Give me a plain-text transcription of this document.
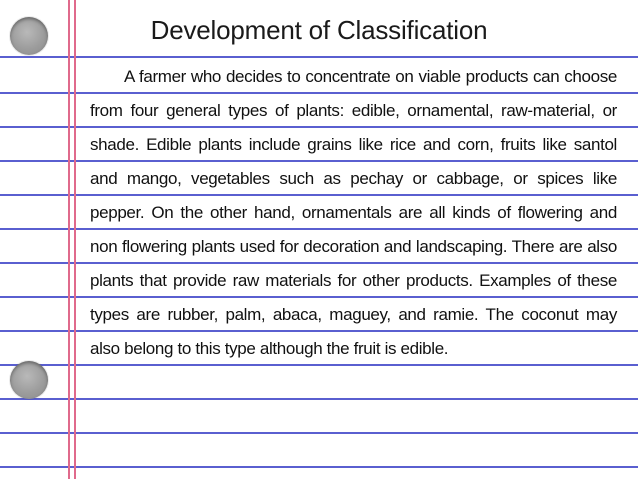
Development of Classification

A farmer who decides to concentrate on viable products can choose from four general types of plants: edible, ornamental, raw-material, or shade. Edible plants include grains like rice and corn, fruits like santol and mango, vegetables such as pechay or cabbage, or spices like pepper. On the other hand, ornamentals are all kinds of flowering and non flowering plants used for decoration and landscaping. There are also plants that provide raw materials for other products. Examples of these types are rubber, palm, abaca, maguey, and ramie. The coconut may also belong to this type although the fruit is edible.
